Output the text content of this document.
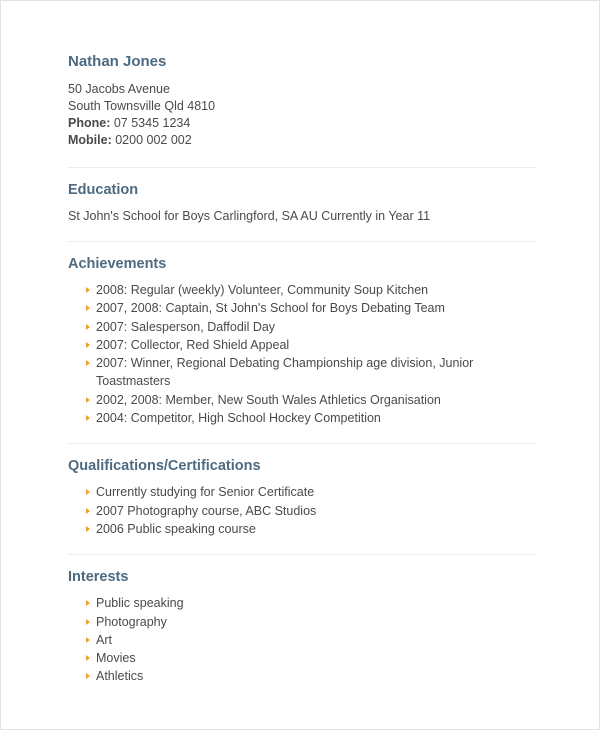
Nathan Jones
50 Jacobs Avenue
South Townsville Qld 4810
Phone: 07 5345 1234
Mobile: 0200 002 002
Education
St John's School for Boys Carlingford, SA AU Currently in Year 11
Achievements
2008: Regular (weekly) Volunteer, Community Soup Kitchen
2007, 2008: Captain, St John's School for Boys Debating Team
2007: Salesperson, Daffodil Day
2007: Collector, Red Shield Appeal
2007: Winner, Regional Debating Championship age division, Junior Toastmasters
2002, 2008: Member, New South Wales Athletics Organisation
2004: Competitor, High School Hockey Competition
Qualifications/Certifications
Currently studying for Senior Certificate
2007 Photography course, ABC Studios
2006 Public speaking course
Interests
Public speaking
Photography
Art
Movies
Athletics
